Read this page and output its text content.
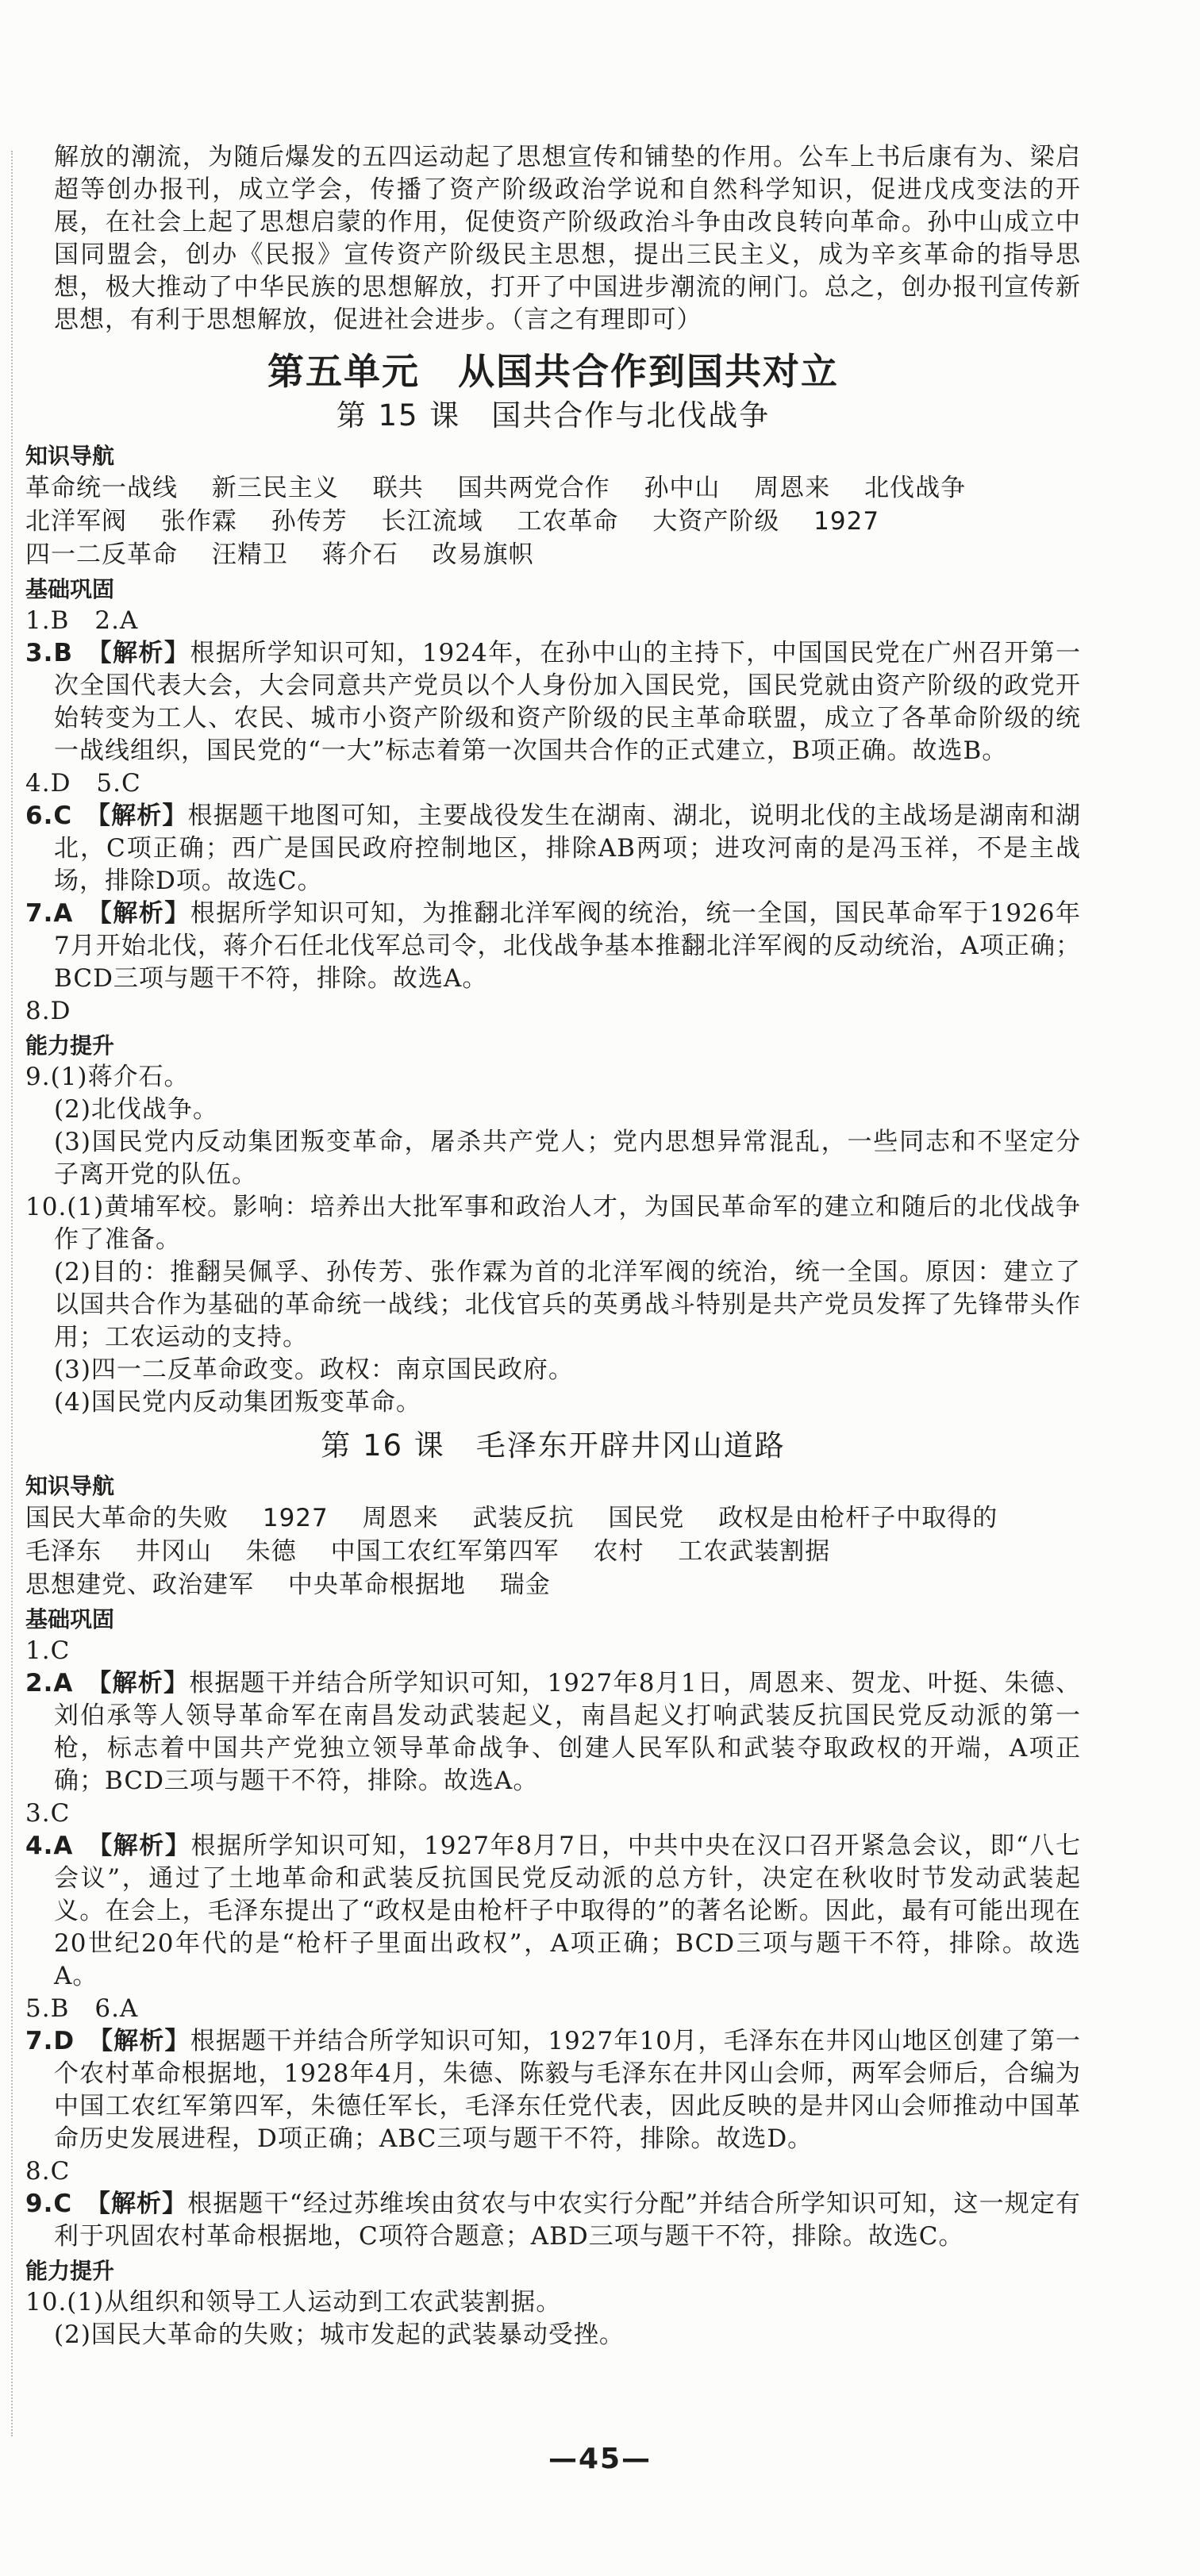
解放的潮流，为随后爆发的五四运动起了思想宣传和铺垫的作用。公车上书后康有为、梁启超等创办报刊，成立学会，传播了资产阶级政治学说和自然科学知识，促进戊戌变法的开展，在社会上起了思想启蒙的作用，促使资产阶级政治斗争由改良转向革命。孙中山成立中国同盟会，创办《民报》宣传资产阶级民主思想，提出三民主义，成为辛亥革命的指导思想，极大推动了中华民族的思想解放，打开了中国进步潮流的闸门。总之，创办报刊宣传新思想，有利于思想解放，促进社会进步。（言之有理即可）

第五单元　从国共合作到国共对立
第 15 课　国共合作与北伐战争
知识导航
革命统一战线 新三民主义 联共 国共两党合作 孙中山 周恩来 北伐战争 北洋军阀 张作霖 孙传芳 长江流域 工农革命 大资产阶级 1927 四一二反革命 汪精卫 蒋介石 改易旗帜
基础巩固

1.B　2.A

3.B　【解析】根据所学知识可知，1924年，在孙中山的主持下，中国国民党在广州召开第一次全国代表大会，大会同意共产党员以个人身份加入国民党，国民党就由资产阶级的政党开始转变为工人、农民、城市小资产阶级和资产阶级的民主革命联盟，成立了各革命阶级的统一战线组织，国民党的“一大”标志着第一次国共合作的正式建立，B项正确。故选B。

4.D　5.C

6.C　【解析】根据题干地图可知，主要战役发生在湖南、湖北，说明北伐的主战场是湖南和湖北，C项正确；西广是国民政府控制地区，排除AB两项；进攻河南的是冯玉祥，不是主战场，排除D项。故选C。

7.A　【解析】根据所学知识可知，为推翻北洋军阀的统治，统一全国，国民革命军于1926年7月开始北伐，蒋介石任北伐军总司令，北伐战争基本推翻北洋军阀的反动统治，A项正确；BCD三项与题干不符，排除。故选A。

8.D

能力提升

9.(1)蒋介石。

(2)北伐战争。

(3)国民党内反动集团叛变革命，屠杀共产党人；党内思想异常混乱，一些同志和不坚定分子离开党的队伍。

10.(1)黄埔军校。影响：培养出大批军事和政治人才，为国民革命军的建立和随后的北伐战争作了准备。

(2)目的：推翻吴佩孚、孙传芳、张作霖为首的北洋军阀的统治，统一全国。原因：建立了以国共合作为基础的革命统一战线；北伐官兵的英勇战斗特别是共产党员发挥了先锋带头作用；工农运动的支持。

(3)四一二反革命政变。政权：南京国民政府。

(4)国民党内反动集团叛变革命。

第 16 课　毛泽东开辟井冈山道路
知识导航
国民大革命的失败 1927 周恩来 武装反抗 国民党 政权是由枪杆子中取得的 毛泽东 井冈山 朱德 中国工农红军第四军 农村 工农武装割据 思想建党、政治建军 中央革命根据地 瑞金
基础巩固

1.C

2.A　【解析】根据题干并结合所学知识可知，1927年8月1日，周恩来、贺龙、叶挺、朱德、刘伯承等人领导革命军在南昌发动武装起义，南昌起义打响武装反抗国民党反动派的第一枪，标志着中国共产党独立领导革命战争、创建人民军队和武装夺取政权的开端，A项正确；BCD三项与题干不符，排除。故选A。

3.C

4.A　【解析】根据所学知识可知，1927年8月7日，中共中央在汉口召开紧急会议，即“八七会议”，通过了土地革命和武装反抗国民党反动派的总方针，决定在秋收时节发动武装起义。在会上，毛泽东提出了“政权是由枪杆子中取得的”的著名论断。因此，最有可能出现在20世纪20年代的是“枪杆子里面出政权”，A项正确；BCD三项与题干不符，排除。故选A。

5.B　6.A

7.D　【解析】根据题干并结合所学知识可知，1927年10月，毛泽东在井冈山地区创建了第一个农村革命根据地，1928年4月，朱德、陈毅与毛泽东在井冈山会师，两军会师后，合编为中国工农红军第四军，朱德任军长，毛泽东任党代表，因此反映的是井冈山会师推动中国革命历史发展进程，D项正确；ABC三项与题干不符，排除。故选D。

8.C

9.C　【解析】根据题干“经过苏维埃由贫农与中农实行分配”并结合所学知识可知，这一规定有利于巩固农村革命根据地，C项符合题意；ABD三项与题干不符，排除。故选C。

能力提升

10.(1)从组织和领导工人运动到工农武装割据。

(2)国民大革命的失败；城市发起的武装暴动受挫。

—45—
